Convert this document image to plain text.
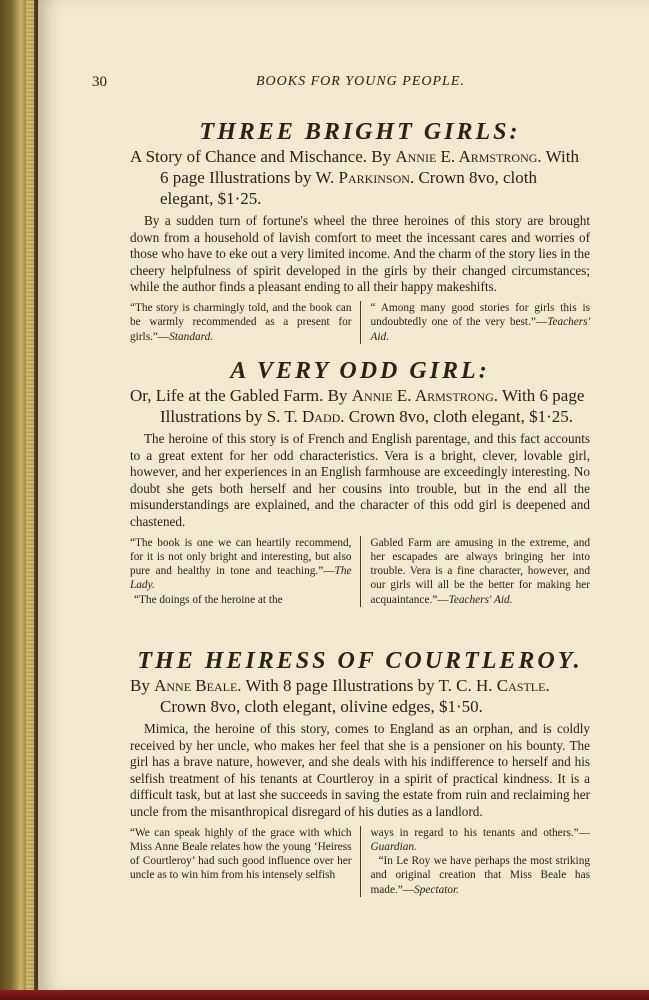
30	BOOKS FOR YOUNG PEOPLE.
THREE BRIGHT GIRLS:

A Story of Chance and Mischance. By Annie E. Armstrong. With 6 page Illustrations by W. Parkinson. Crown 8vo, cloth elegant, $1·25.

By a sudden turn of fortune's wheel the three heroines of this story are brought down from a household of lavish comfort to meet the incessant cares and worries of those who have to eke out a very limited income. And the charm of the story lies in the cheery helpfulness of spirit developed in the girls by their changed circumstances; while the author finds a pleasant ending to all their happy makeshifts.

“The story is charmingly told, and the book can be warmly recommended as a present for girls.”—Standard.

“ Among many good stories for girls this is undoubtedly one of the very best.”—Teachers' Aid.

A VERY ODD GIRL:

Or, Life at the Gabled Farm. By Annie E. Armstrong. With 6 page Illustrations by S. T. Dadd. Crown 8vo, cloth elegant, $1·25.

The heroine of this story is of French and English parentage, and this fact accounts to a great extent for her odd characteristics. Vera is a bright, clever, lovable girl, however, and her experiences in an English farmhouse are exceedingly interesting. No doubt she gets both herself and her cousins into trouble, but in the end all the misunderstandings are explained, and the character of this odd girl is deepened and chastened.

“The book is one we can heartily recommend, for it is not only bright and interesting, but also pure and healthy in tone and teaching.”—The Lady.

“The doings of the heroine at the

Gabled Farm are amusing in the extreme, and her escapades are always bringing her into trouble. Vera is a fine character, however, and our girls will all be the better for making her acquaintance.”—Teachers' Aid.

THE HEIRESS OF COURTLEROY.

By Anne Beale. With 8 page Illustrations by T. C. H. Castle. Crown 8vo, cloth elegant, olivine edges, $1·50.

Mimica, the heroine of this story, comes to England as an orphan, and is coldly received by her uncle, who makes her feel that she is a pensioner on his bounty. The girl has a brave nature, however, and she deals with his indifference to herself and his selfish treatment of his tenants at Courtleroy in a spirit of practical kindness. It is a difficult task, but at last she succeeds in saving the estate from ruin and reclaiming her uncle from the misanthropical disregard of his duties as a landlord.

“We can speak highly of the grace with which Miss Anne Beale relates how the young ‘Heiress of Courtleroy’ had such good influence over her uncle as to win him from his intensely selfish

ways in regard to his tenants and others.”—Guardian.

“In Le Roy we have perhaps the most striking and original creation that Miss Beale has made.”—Spectator.
